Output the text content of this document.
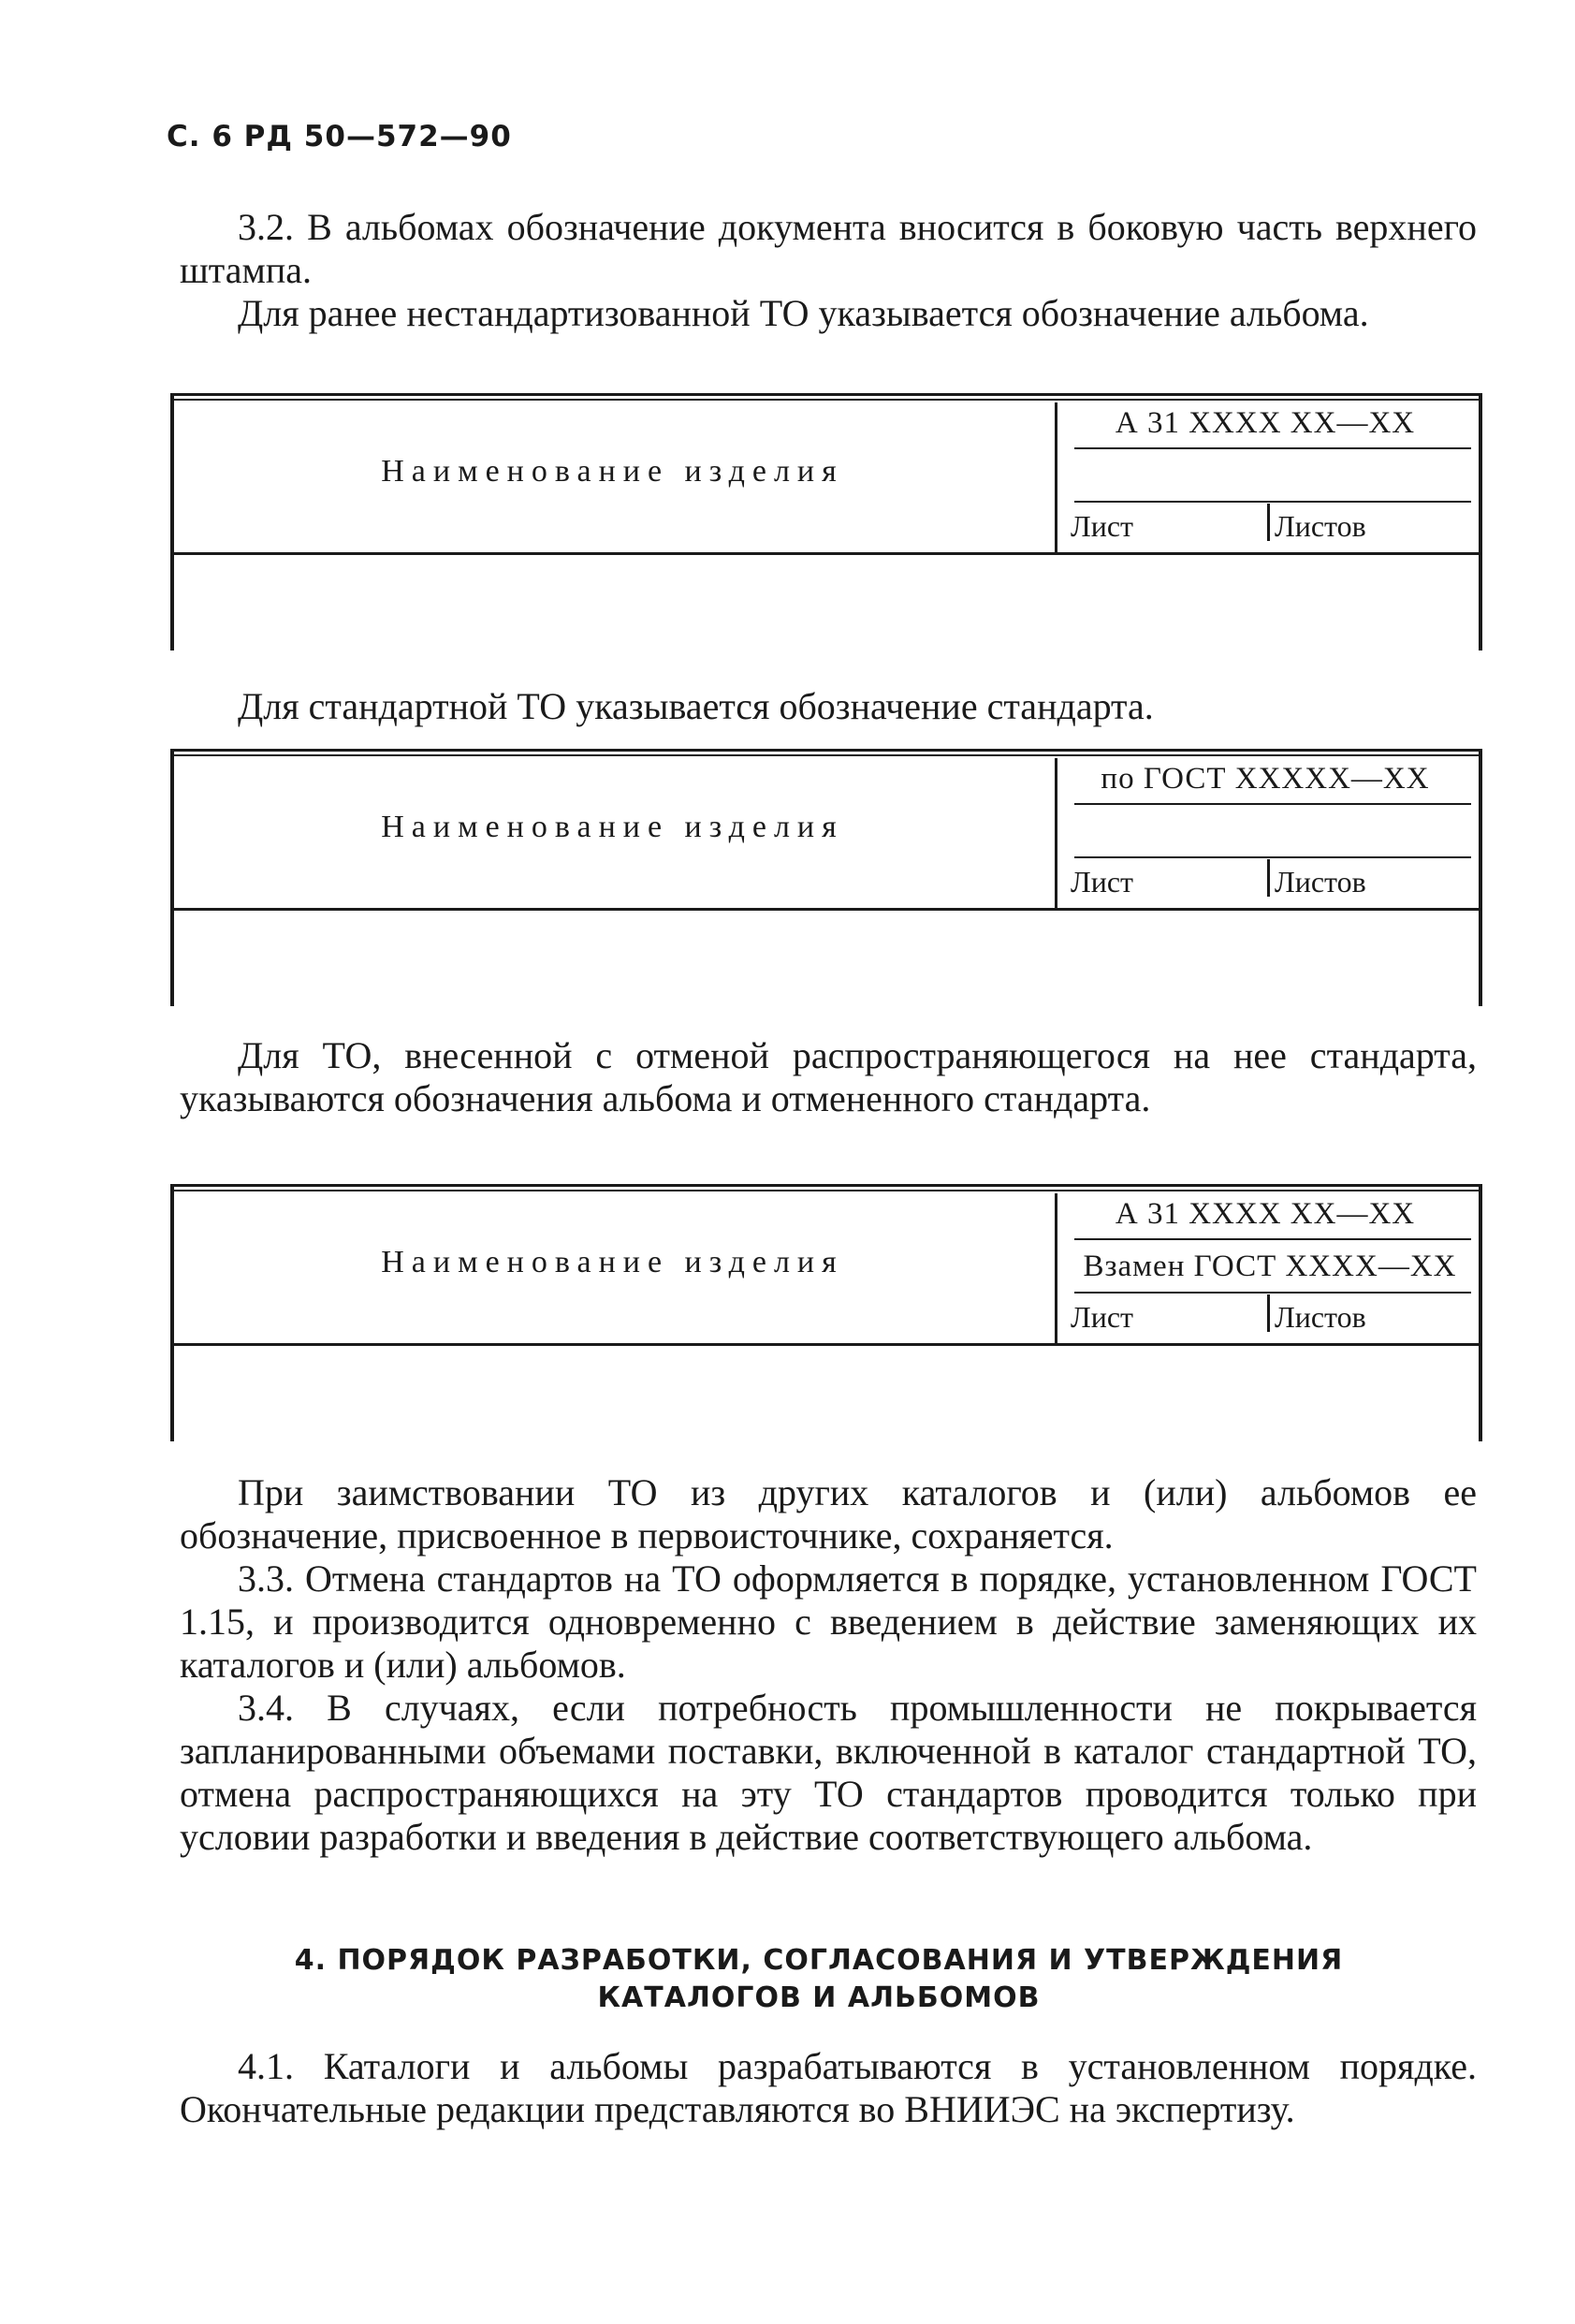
С. 6 РД 50—572—90
3.2. В альбомах обозначение документа вносится в боковую часть верхнего штампа.
Для ранее нестандартизованной ТО указывается обозначение альбома.
Наименование изделия
А 31 XXXX XX—XX
Лист	Листов
Для стандартной ТО указывается обозначение стандарта.
Наименование изделия
по ГОСТ XXXXX—XX
Лист	Листов
Для ТО, внесенной с отменой распространяющегося на нее стандарта, указываются обозначения альбома и отмененного стандарта.
Наименование изделия
А 31 XXXX XX—XX
Взамен ГОСТ XXXX—XX
Лист	Листов
При заимствовании ТО из других каталогов и (или) альбомов ее обозначение, присвоенное в первоисточнике, сохраняется.
3.3. Отмена стандартов на ТО оформляется в порядке, установленном ГОСТ 1.15, и производится одновременно с введением в действие заменяющих их каталогов и (или) альбомов.
3.4. В случаях, если потребность промышленности не покрывается запланированными объемами поставки, включенной в каталог стандартной ТО, отмена распространяющихся на эту ТО стандартов проводится только при условии разработки и введения в действие соответствующего альбома.
4. ПОРЯДОК РАЗРАБОТКИ, СОГЛАСОВАНИЯ И УТВЕРЖДЕНИЯ КАТАЛОГОВ И АЛЬБОМОВ
4.1. Каталоги и альбомы разрабатываются в установленном порядке. Окончательные редакции представляются во ВНИИЭС на экспертизу.
